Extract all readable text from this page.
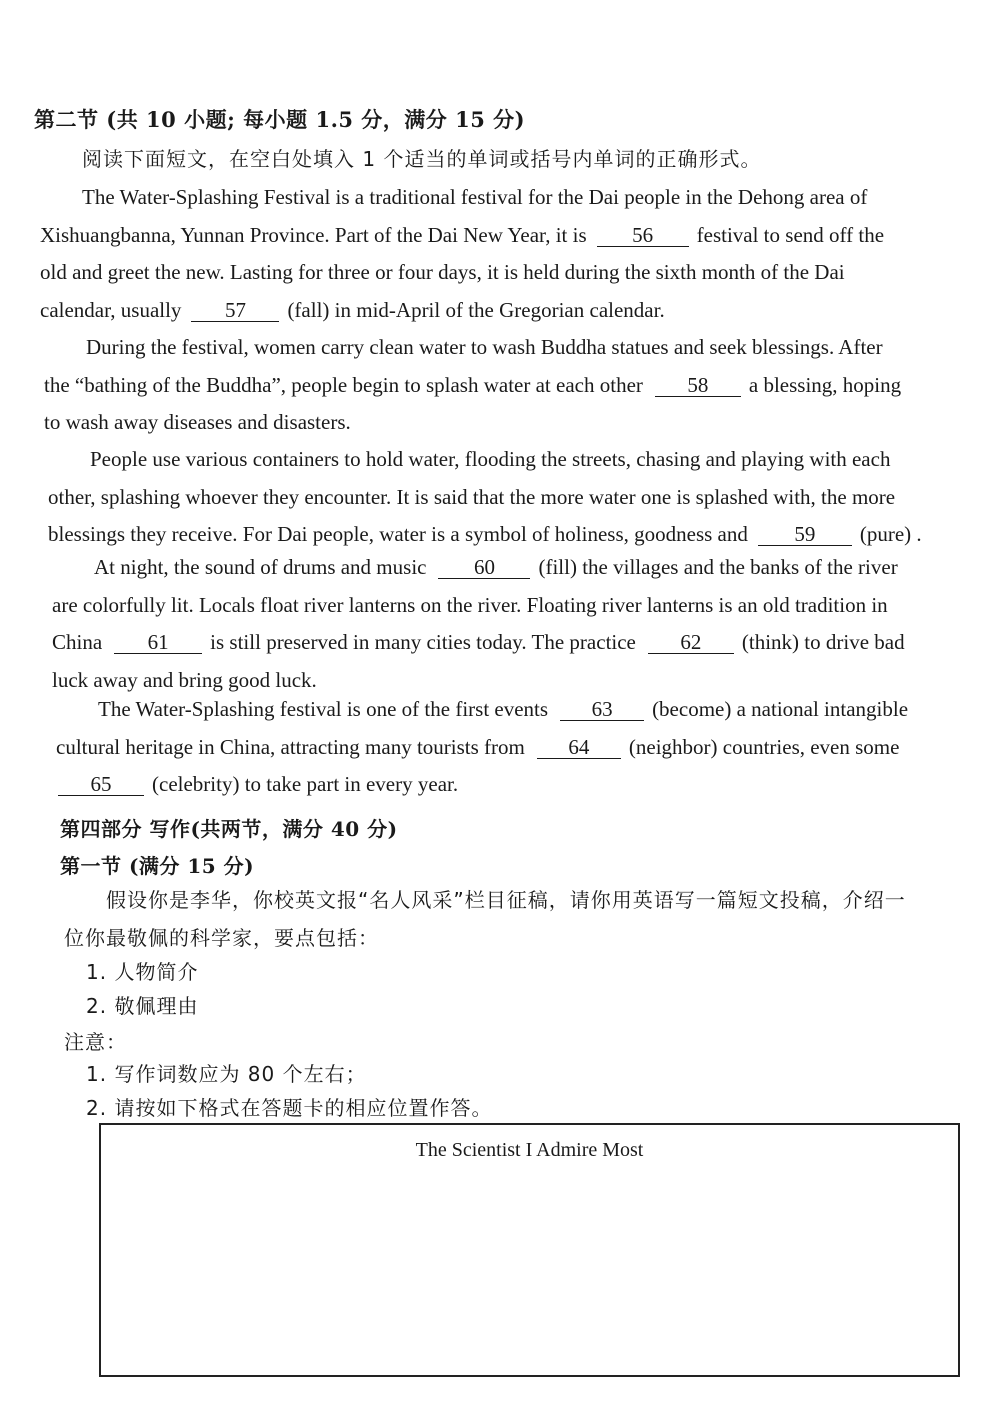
第二节 (共 10 小题; 每小题 1.5 分，满分 15 分)
阅读下面短文，在空白处填入 1 个适当的单词或括号内单词的正确形式。
The Water-Splashing Festival is a traditional festival for the Dai people in the Dehong area of
Xishuangbanna, Yunnan Province. Part of the Dai New Year, it is 56 festival to send off the
old and greet the new. Lasting for three or four days, it is held during the sixth month of the Dai
calendar, usually 57 (fall) in mid-April of the Gregorian calendar.
During the festival, women carry clean water to wash Buddha statues and seek blessings. After
the “bathing of the Buddha”, people begin to splash water at each other 58 a blessing, hoping
to wash away diseases and disasters.
People use various containers to hold water, flooding the streets, chasing and playing with each
other, splashing whoever they encounter. It is said that the more water one is splashed with, the more
blessings they receive. For Dai people, water is a symbol of holiness, goodness and 59 (pure) .
At night, the sound of drums and music 60 (fill) the villages and the banks of the river
are colorfully lit. Locals float river lanterns on the river. Floating river lanterns is an old tradition in
China 61 is still preserved in many cities today. The practice 62 (think) to drive bad
luck away and bring good luck.
The Water-Splashing festival is one of the first events 63 (become) a national intangible
cultural heritage in China, attracting many tourists from 64 (neighbor) countries, even some
65 (celebrity) to take part in every year.
第四部分 写作(共两节，满分 40 分)
第一节 (满分 15 分)
假设你是李华，你校英文报“名人风采”栏目征稿，请你用英语写一篇短文投稿，介绍一
位你最敬佩的科学家，要点包括：
1. 人物简介
2. 敬佩理由
注意：
1. 写作词数应为 80 个左右；
2. 请按如下格式在答题卡的相应位置作答。
The Scientist I Admire Most
